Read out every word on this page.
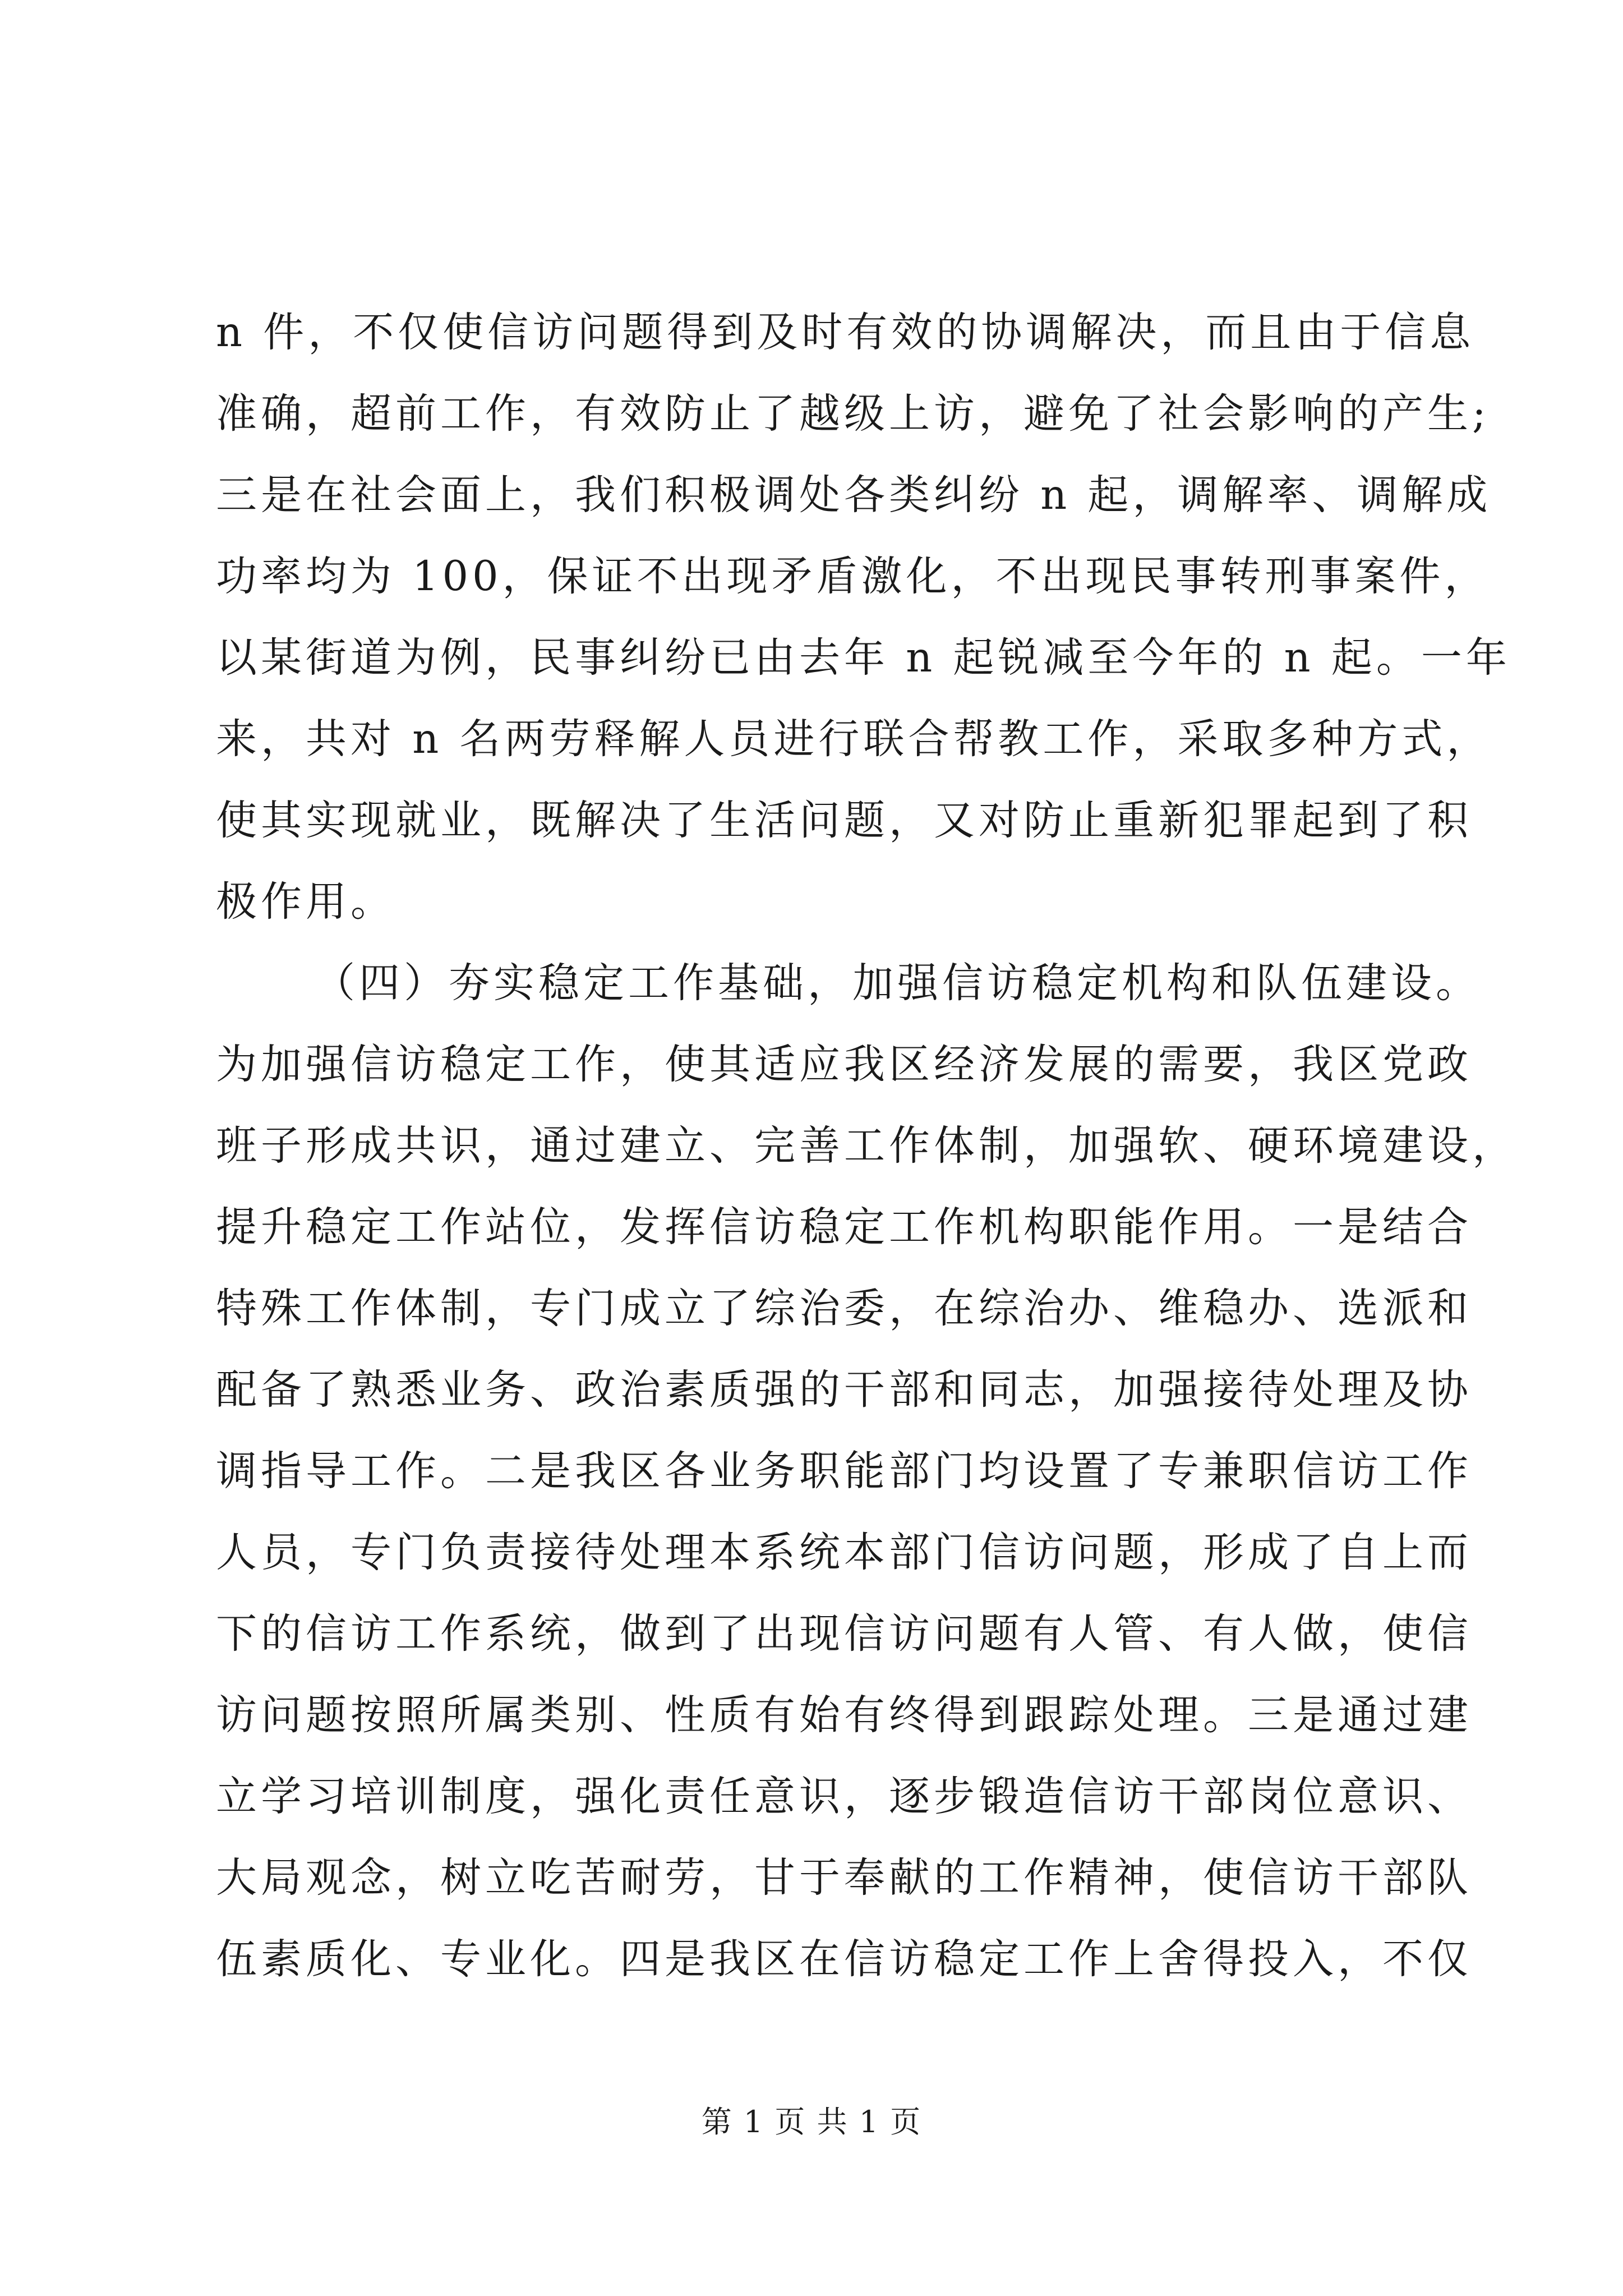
n 件，不仅使信访问题得到及时有效的协调解决，而且由于信息
准确，超前工作，有效防止了越级上访，避免了社会影响的产生;
三是在社会面上，我们积极调处各类纠纷 n 起，调解率、调解成
功率均为 100，保证不出现矛盾激化，不出现民事转刑事案件，
以某街道为例，民事纠纷已由去年 n 起锐减至今年的 n 起。一年
来，共对 n 名两劳释解人员进行联合帮教工作，采取多种方式，
使其实现就业，既解决了生活问题，又对防止重新犯罪起到了积
极作用。
（四）夯实稳定工作基础，加强信访稳定机构和队伍建设。
为加强信访稳定工作，使其适应我区经济发展的需要，我区党政
班子形成共识，通过建立、完善工作体制，加强软、硬环境建设，
提升稳定工作站位，发挥信访稳定工作机构职能作用。一是结合
特殊工作体制，专门成立了综治委，在综治办、维稳办、选派和
配备了熟悉业务、政治素质强的干部和同志，加强接待处理及协
调指导工作。二是我区各业务职能部门均设置了专兼职信访工作
人员，专门负责接待处理本系统本部门信访问题，形成了自上而
下的信访工作系统，做到了出现信访问题有人管、有人做，使信
访问题按照所属类别、性质有始有终得到跟踪处理。三是通过建
立学习培训制度，强化责任意识，逐步锻造信访干部岗位意识、
大局观念，树立吃苦耐劳，甘于奉献的工作精神，使信访干部队
伍素质化、专业化。四是我区在信访稳定工作上舍得投入，不仅
第 1 页 共 1 页
